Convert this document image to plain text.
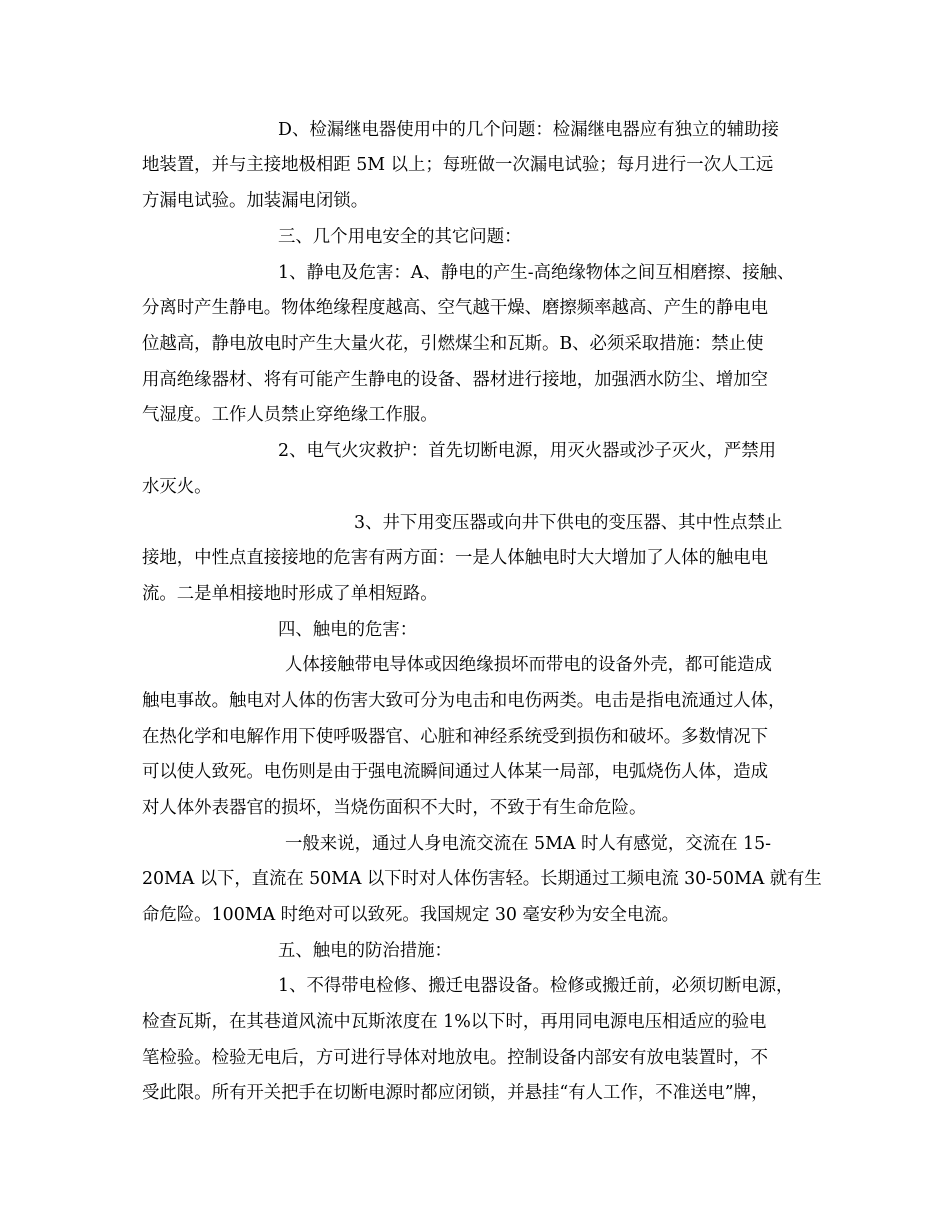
D、检漏继电器使用中的几个问题：检漏继电器应有独立的辅助接
地装置，并与主接地极相距 5M 以上；每班做一次漏电试验；每月进行一次人工远
方漏电试验。加装漏电闭锁。
三、几个用电安全的其它问题：
1、静电及危害：A、静电的产生-高绝缘物体之间互相磨擦、接触、
分离时产生静电。物体绝缘程度越高、空气越干燥、磨擦频率越高、产生的静电电
位越高，静电放电时产生大量火花，引燃煤尘和瓦斯。B、必须采取措施：禁止使
用高绝缘器材、将有可能产生静电的设备、器材进行接地，加强洒水防尘、增加空
气湿度。工作人员禁止穿绝缘工作服。
2、电气火灾救护：首先切断电源，用灭火器或沙子灭火，严禁用
水灭火。
3、井下用变压器或向井下供电的变压器、其中性点禁止
接地，中性点直接接地的危害有两方面：一是人体触电时大大增加了人体的触电电
流。二是单相接地时形成了单相短路。
四、触电的危害：
人体接触带电导体或因绝缘损坏而带电的设备外壳，都可能造成
触电事故。触电对人体的伤害大致可分为电击和电伤两类。电击是指电流通过人体，
在热化学和电解作用下使呼吸器官、心脏和神经系统受到损伤和破坏。多数情况下
可以使人致死。电伤则是由于强电流瞬间通过人体某一局部，电弧烧伤人体，造成
对人体外表器官的损坏，当烧伤面积不大时，不致于有生命危险。
一般来说，通过人身电流交流在 5MA 时人有感觉，交流在 15-
20MA 以下，直流在 50MA 以下时对人体伤害轻。长期通过工频电流 30-50MA 就有生
命危险。100MA 时绝对可以致死。我国规定 30 毫安秒为安全电流。
五、触电的防治措施：
1、不得带电检修、搬迁电器设备。检修或搬迁前，必须切断电源，
检查瓦斯，在其巷道风流中瓦斯浓度在 1%以下时，再用同电源电压相适应的验电
笔检验。检验无电后，方可进行导体对地放电。控制设备内部安有放电装置时，不
受此限。所有开关把手在切断电源时都应闭锁，并悬挂“有人工作，不准送电”牌，
